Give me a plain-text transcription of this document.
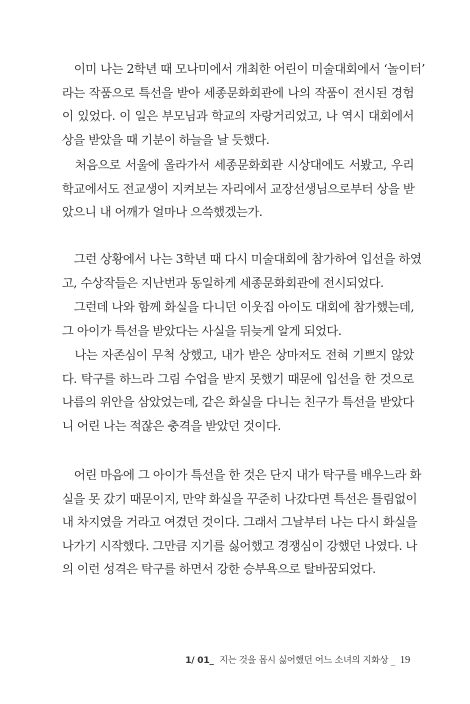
　이미 나는 2학년 때 모나미에서 개최한 어린이 미술대회에서 ‘놀이터’
라는 작품으로 특선을 받아 세종문화회관에 나의 작품이 전시된 경험
이 있었다. 이 일은 부모님과 학교의 자랑거리었고, 나 역시 대회에서
상을 받았을 때 기분이 하늘을 날 듯했다.

　처음으로 서울에 올라가서 세종문화회관 시상대에도 서봤고, 우리
학교에서도 전교생이 지켜보는 자리에서 교장선생님으로부터 상을 받
았으니 내 어깨가 얼마나 으쓱했겠는가.

　그런 상황에서 나는 3학년 때 다시 미술대회에 참가하여 입선을 하였
고, 수상작들은 지난번과 동일하게 세종문화회관에 전시되었다.

　그런데 나와 함께 화실을 다니던 이웃집 아이도 대회에 참가했는데,
그 아이가 특선을 받았다는 사실을 뒤늦게 알게 되었다.

　나는 자존심이 무척 상했고, 내가 받은 상마저도 전혀 기쁘지 않았
다. 탁구를 하느라 그림 수업을 받지 못했기 때문에 입선을 한 것으로
나름의 위안을 삼았었는데, 같은 화실을 다니는 친구가 특선을 받았다
니 어린 나는 적잖은 충격을 받았던 것이다.

　어린 마음에 그 아이가 특선을 한 것은 단지 내가 탁구를 배우느라 화
실을 못 갔기 때문이지, 만약 화실을 꾸준히 나갔다면 특선은 틀림없이
내 차지였을 거라고 여겼던 것이다. 그래서 그날부터 나는 다시 화실을
나가기 시작했다. 그만큼 지기를 싫어했고 경쟁심이 강했던 나였다. 나
의 이런 성격은 탁구를 하면서 강한 승부욕으로 탈바꿈되었다.

1/ 01_ 지는 것을 몹시 싫어했던 어느 소녀의 지화상 _ 19
